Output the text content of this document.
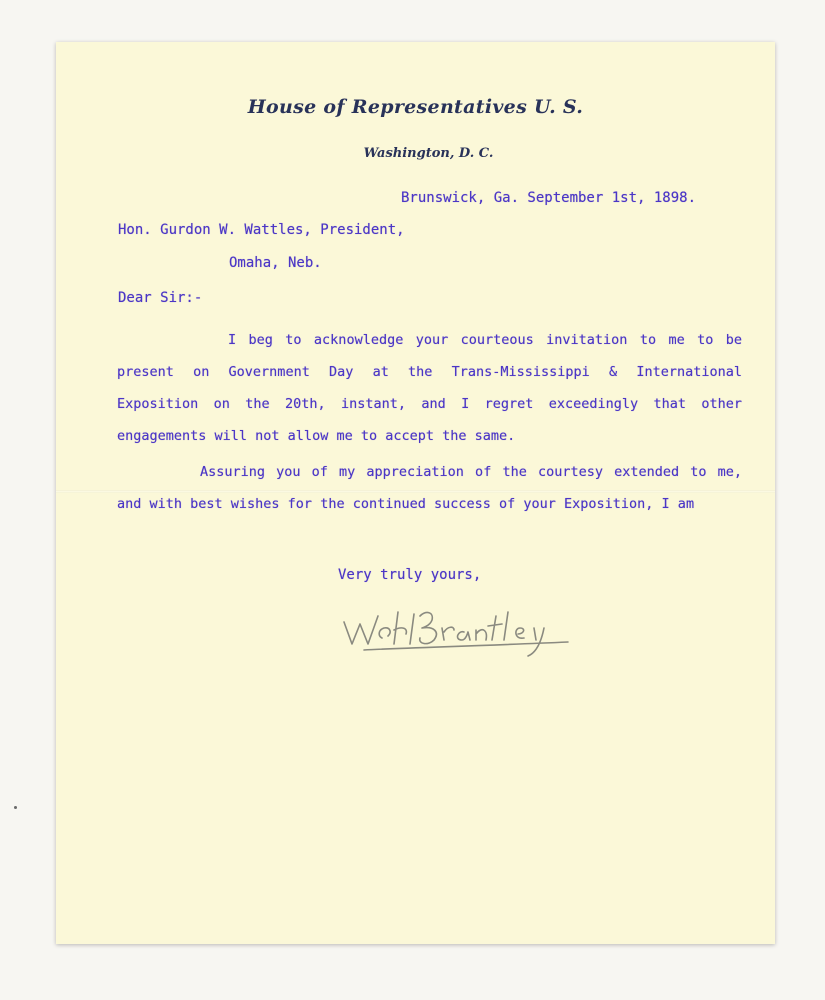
House of Representatives U. S.
Washington, D. C.
Brunswick, Ga. September 1st, 1898.
Hon. Gurdon W. Wattles, President,
Omaha, Neb.
Dear Sir:-
I beg to acknowledge your courteous invitation to me to be present on Government Day at the Trans-Mississippi & International Exposition on the 20th, instant, and I regret exceedingly that other engagements will not allow me to accept the same.
Assuring you of my appreciation of the courtesy extended to me, and with best wishes for the continued success of your Exposition, I am
Very truly yours,
